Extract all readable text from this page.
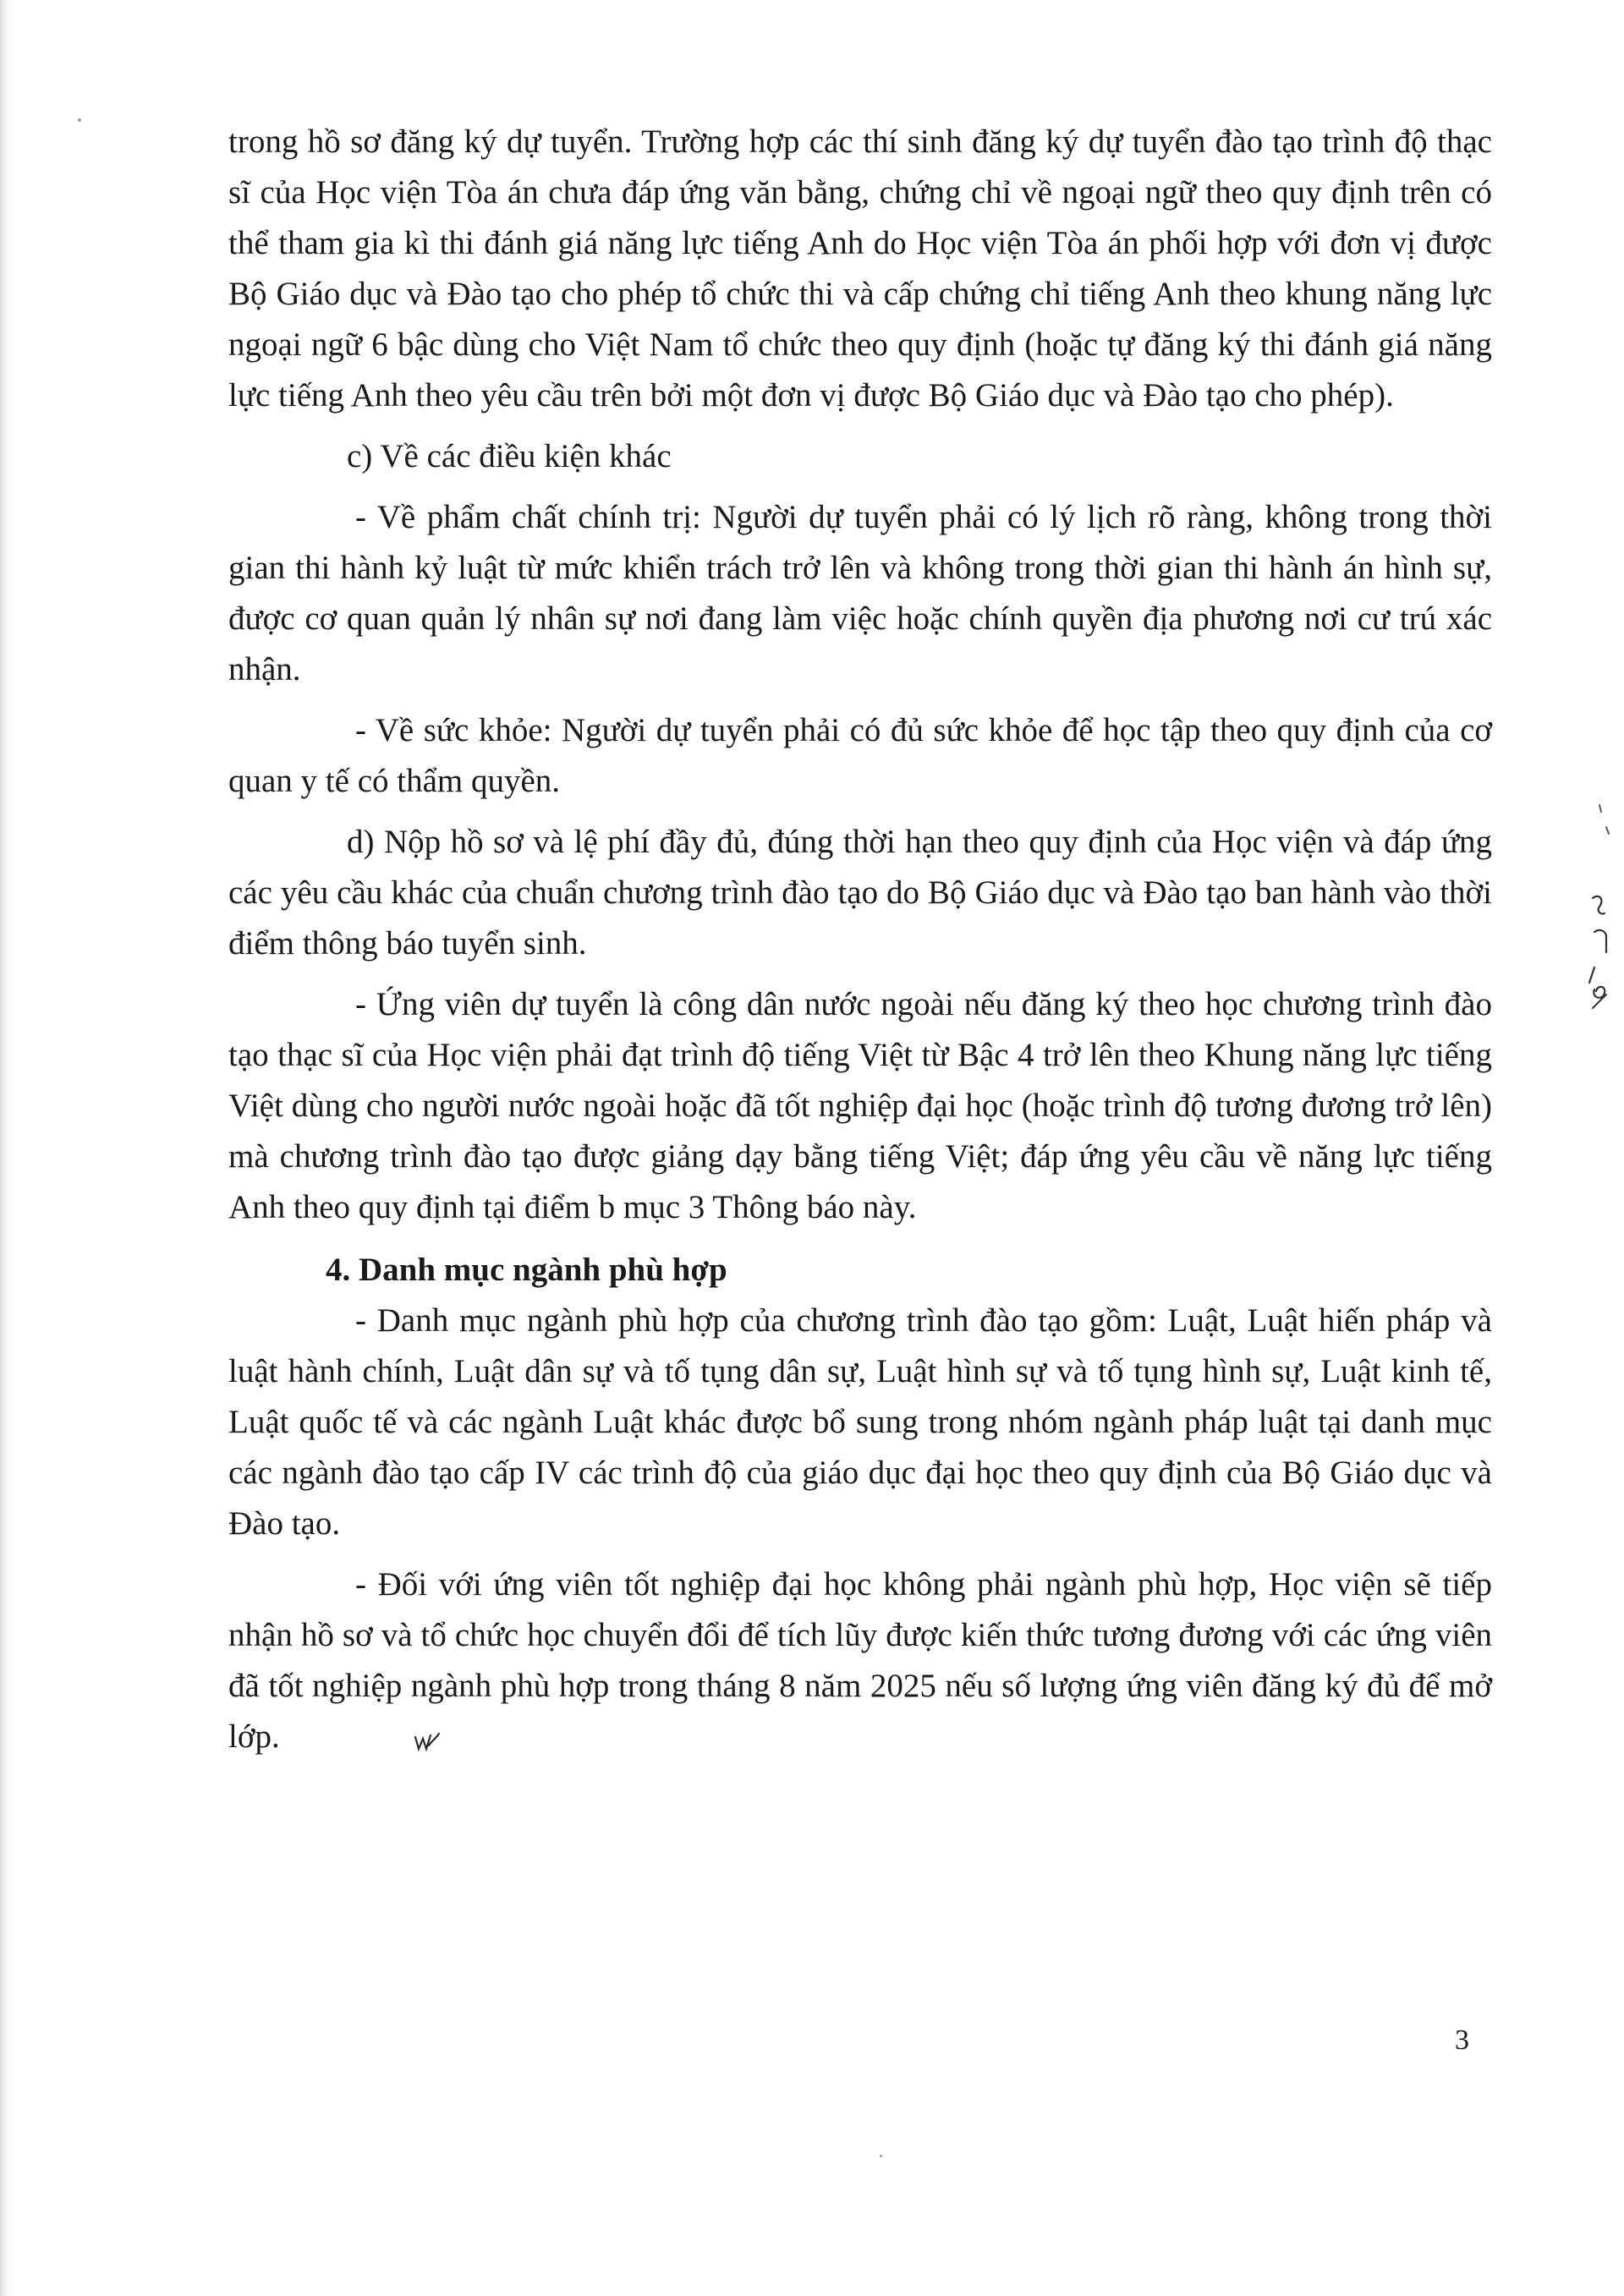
trong hồ sơ đăng ký dự tuyển. Trường hợp các thí sinh đăng ký dự tuyển đào tạo trình độ thạc sĩ của Học viện Tòa án chưa đáp ứng văn bằng, chứng chỉ về ngoại ngữ theo quy định trên có thể tham gia kì thi đánh giá năng lực tiếng Anh do Học viện Tòa án phối hợp với đơn vị được Bộ Giáo dục và Đào tạo cho phép tổ chức thi và cấp chứng chỉ tiếng Anh theo khung năng lực ngoại ngữ 6 bậc dùng cho Việt Nam tổ chức theo quy định (hoặc tự đăng ký thi đánh giá năng lực tiếng Anh theo yêu cầu trên bởi một đơn vị được Bộ Giáo dục và Đào tạo cho phép).

c) Về các điều kiện khác

- Về phẩm chất chính trị: Người dự tuyển phải có lý lịch rõ ràng, không trong thời gian thi hành kỷ luật từ mức khiển trách trở lên và không trong thời gian thi hành án hình sự, được cơ quan quản lý nhân sự nơi đang làm việc hoặc chính quyền địa phương nơi cư trú xác nhận.

- Về sức khỏe: Người dự tuyển phải có đủ sức khỏe để học tập theo quy định của cơ quan y tế có thẩm quyền.

d) Nộp hồ sơ và lệ phí đầy đủ, đúng thời hạn theo quy định của Học viện và đáp ứng các yêu cầu khác của chuẩn chương trình đào tạo do Bộ Giáo dục và Đào tạo ban hành vào thời điểm thông báo tuyển sinh.

- Ứng viên dự tuyển là công dân nước ngoài nếu đăng ký theo học chương trình đào tạo thạc sĩ của Học viện phải đạt trình độ tiếng Việt từ Bậc 4 trở lên theo Khung năng lực tiếng Việt dùng cho người nước ngoài hoặc đã tốt nghiệp đại học (hoặc trình độ tương đương trở lên) mà chương trình đào tạo được giảng dạy bằng tiếng Việt; đáp ứng yêu cầu về năng lực tiếng Anh theo quy định tại điểm b mục 3 Thông báo này.

4. Danh mục ngành phù hợp

- Danh mục ngành phù hợp của chương trình đào tạo gồm: Luật, Luật hiến pháp và luật hành chính, Luật dân sự và tố tụng dân sự, Luật hình sự và tố tụng hình sự, Luật kinh tế, Luật quốc tế và các ngành Luật khác được bổ sung trong nhóm ngành pháp luật tại danh mục các ngành đào tạo cấp IV các trình độ của giáo dục đại học theo quy định của Bộ Giáo dục và Đào tạo.

- Đối với ứng viên tốt nghiệp đại học không phải ngành phù hợp, Học viện sẽ tiếp nhận hồ sơ và tổ chức học chuyển đổi để tích lũy được kiến thức tương đương với các ứng viên đã tốt nghiệp ngành phù hợp trong tháng 8 năm 2025 nếu số lượng ứng viên đăng ký đủ để mở lớp.

3
